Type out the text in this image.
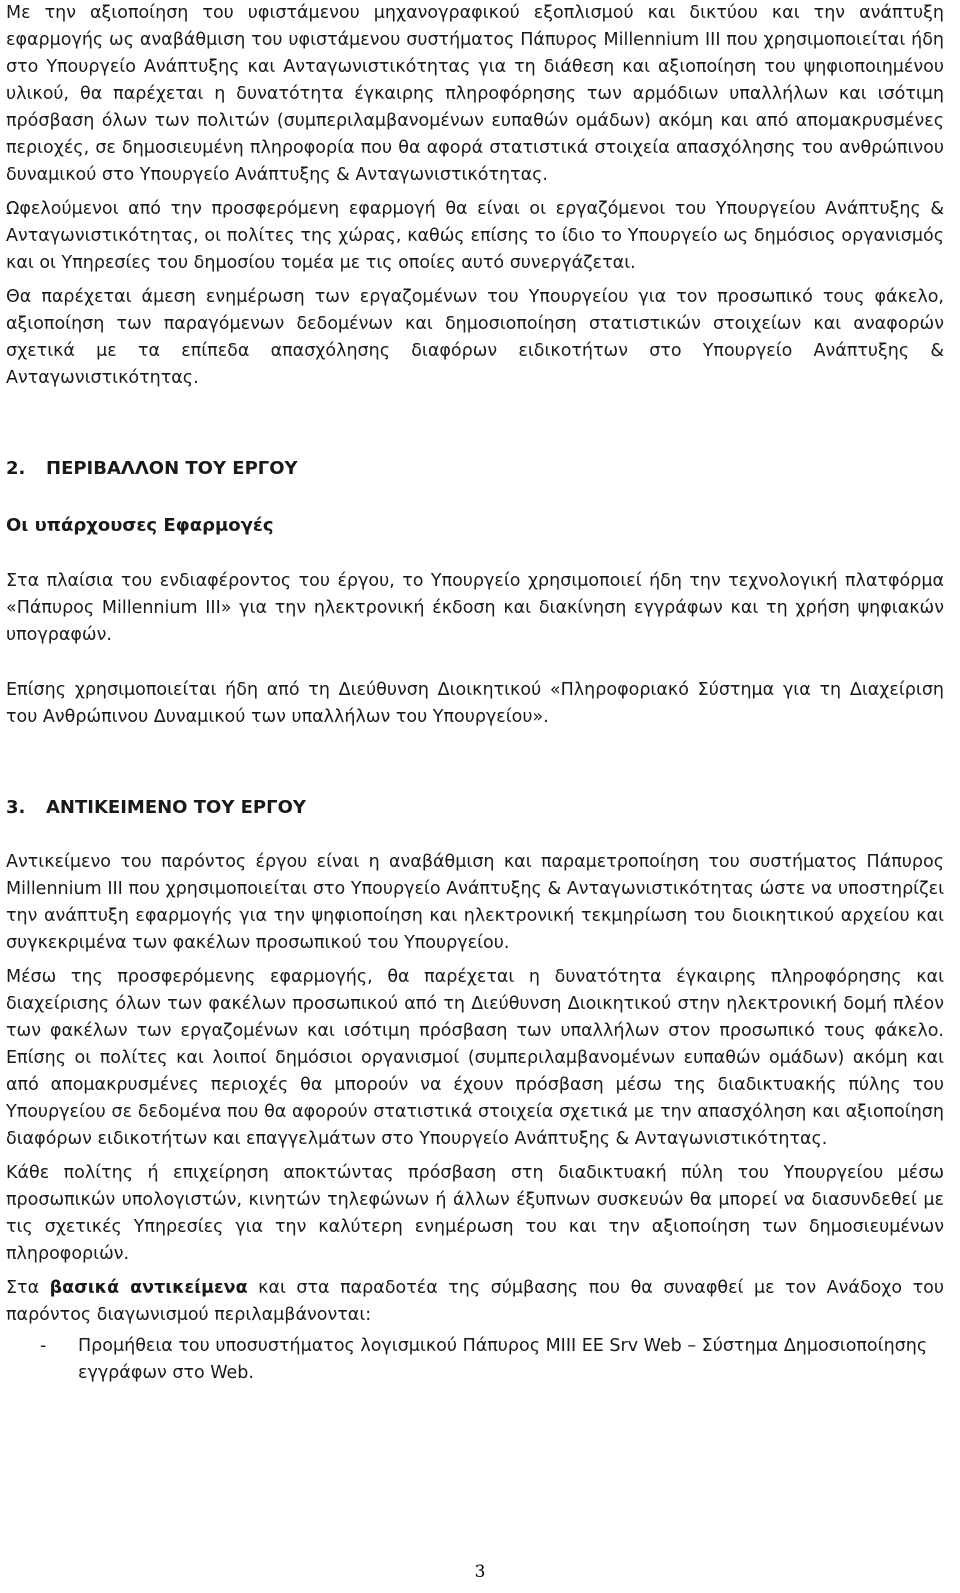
Με την αξιοποίηση του υφιστάμενου μηχανογραφικού εξοπλισμού και δικτύου και την ανάπτυξη εφαρμογής ως αναβάθμιση του υφιστάμενου συστήματος Πάπυρος Millennium III που χρησιμοποιείται ήδη στο Υπουργείο Ανάπτυξης και Ανταγωνιστικότητας για τη διάθεση και αξιοποίηση του ψηφιοποιημένου υλικού, θα παρέχεται η δυνατότητα έγκαιρης πληροφόρησης των αρμόδιων υπαλλήλων και ισότιμη πρόσβαση όλων των πολιτών (συμπεριλαμβανομένων ευπαθών ομάδων) ακόμη και από απομακρυσμένες περιοχές, σε δημοσιευμένη πληροφορία που θα αφορά στατιστικά στοιχεία απασχόλησης του ανθρώπινου δυναμικού στο Υπουργείο Ανάπτυξης & Ανταγωνιστικότητας.

Ωφελούμενοι από την προσφερόμενη εφαρμογή θα είναι οι εργαζόμενοι του Υπουργείου Ανάπτυξης & Ανταγωνιστικότητας, οι πολίτες της χώρας, καθώς επίσης το ίδιο το Υπουργείο ως δημόσιος οργανισμός και οι Υπηρεσίες του δημοσίου τομέα με τις οποίες αυτό συνεργάζεται.

Θα παρέχεται άμεση ενημέρωση των εργαζομένων του Υπουργείου για τον προσωπικό τους φάκελο, αξιοποίηση των παραγόμενων δεδομένων και δημοσιοποίηση στατιστικών στοιχείων και αναφορών σχετικά με τα επίπεδα απασχόλησης διαφόρων ειδικοτήτων στο Υπουργείο Ανάπτυξης & Ανταγωνιστικότητας.

2. ΠΕΡΙΒΑΛΛΟΝ ΤΟΥ ΕΡΓΟΥ
Οι υπάρχουσες Εφαρμογές

Στα πλαίσια του ενδιαφέροντος του έργου, το Υπουργείο χρησιμοποιεί ήδη την τεχνολογική πλατφόρμα «Πάπυρος Millennium III» για την ηλεκτρονική έκδοση και διακίνηση εγγράφων και τη χρήση ψηφιακών υπογραφών.

Επίσης χρησιμοποιείται ήδη από τη Διεύθυνση Διοικητικού «Πληροφοριακό Σύστημα για τη Διαχείριση του Ανθρώπινου Δυναμικού των υπαλλήλων του Υπουργείου».

3. ΑΝΤΙΚΕΙΜΕΝΟ ΤΟΥ ΕΡΓΟΥ

Αντικείμενο του παρόντος έργου είναι η αναβάθμιση και παραμετροποίηση του συστήματος Πάπυρος Millennium III που χρησιμοποιείται στο Υπουργείο Ανάπτυξης & Ανταγωνιστικότητας ώστε να υποστηρίζει την ανάπτυξη εφαρμογής για την ψηφιοποίηση και ηλεκτρονική τεκμηρίωση του διοικητικού αρχείου και συγκεκριμένα των φακέλων προσωπικού του Υπουργείου.

Μέσω της προσφερόμενης εφαρμογής, θα παρέχεται η δυνατότητα έγκαιρης πληροφόρησης και διαχείρισης όλων των φακέλων προσωπικού από τη Διεύθυνση Διοικητικού στην ηλεκτρονική δομή πλέον των φακέλων των εργαζομένων και ισότιμη πρόσβαση των υπαλλήλων στον προσωπικό τους φάκελο. Επίσης οι πολίτες και λοιποί δημόσιοι οργανισμοί (συμπεριλαμβανομένων ευπαθών ομάδων) ακόμη και από απομακρυσμένες περιοχές θα μπορούν να έχουν πρόσβαση μέσω της διαδικτυακής πύλης του Υπουργείου σε δεδομένα που θα αφορούν στατιστικά στοιχεία σχετικά με την απασχόληση και αξιοποίηση διαφόρων ειδικοτήτων και επαγγελμάτων στο Υπουργείο Ανάπτυξης & Ανταγωνιστικότητας.

Κάθε πολίτης ή επιχείρηση αποκτώντας πρόσβαση στη διαδικτυακή πύλη του Υπουργείου μέσω προσωπικών υπολογιστών, κινητών τηλεφώνων ή άλλων έξυπνων συσκευών θα μπορεί να διασυνδεθεί με τις σχετικές Υπηρεσίες για την καλύτερη ενημέρωση του και την αξιοποίηση των δημοσιευμένων πληροφοριών.

Στα βασικά αντικείμενα και στα παραδοτέα της σύμβασης που θα συναφθεί με τον Ανάδοχο του παρόντος διαγωνισμού περιλαμβάνονται:

- Προμήθεια του υποσυστήματος λογισμικού Πάπυρος MIII EE Srv Web – Σύστημα Δημοσιοποίησης εγγράφων στο Web.
3
